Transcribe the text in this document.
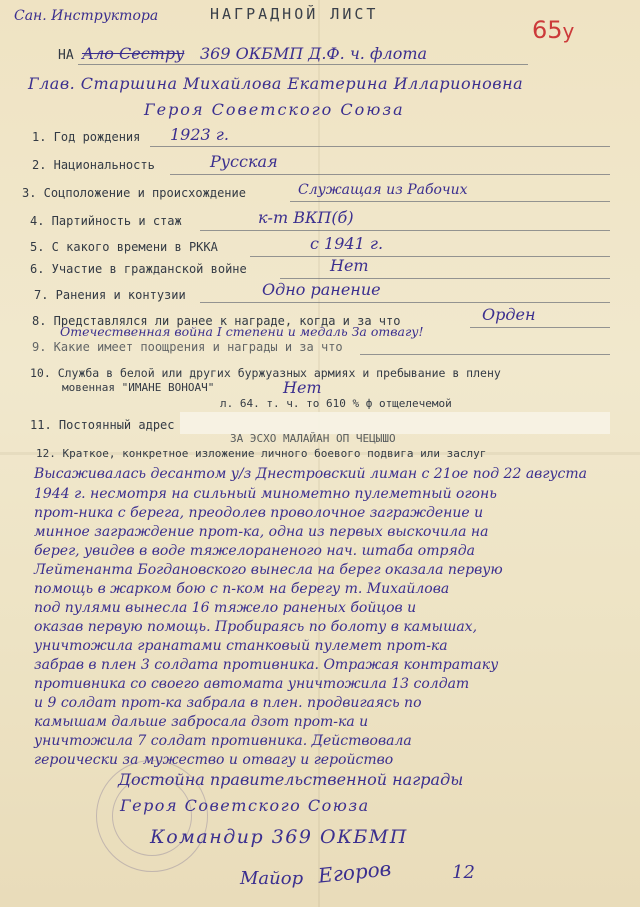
65у
Сан. Инструктора	НАГРАДНОЙ ЛИСТ
НА Ало Сестру 369 ОКБМП Д.Ф. ч. флота
Глав. Старшина Михайлова Екатерина Илларионовна
Героя Советского Союза
1. Год рождения 1923 г.
2. Национальность	Русская
3. Соцположение и происхождение	Служащая из Рабочих
4. Партийность и стаж	к-т ВКП(б)
5. С какого времени в РККА	с 1941 г.
6. Участие в гражданской войне	Нет
7. Ранения и контузии	Одно ранение
8. Представлялся ли ранее к награде, когда и за что	Орден
9. Какие имеет поощрения и награды и за что
Отечественная война I степени и медаль За отвагу!
10. Служба в белой или других буржуазных армиях и пребывание в плену
мовенная "ИМАНЕ ВОНОАЧ"	Нет
л. 64. т. ч. то 610 % ф отщелечемой
11. Постоянный адрес
ЗА ЭСХО МАЛАЙАН ОП ЧЕЦЫШО
12. Краткое, конкретное изложение личного боевого подвига или заслуг
Высаживалась десантом у/з Днестровский лиман с 21ое под 22 августа
1944 г. несмотря на сильный минометно пулеметный огонь
прот-ника с берега, преодолев проволочное заграждение и
минное заграждение прот-ка, одна из первых выскочила на
берег, увидев в воде тяжелораненого нач. штаба отряда
Лейтенанта Богдановского вынесла на берег оказала первую
помощь в жарком бою с п-ком на берегу т. Михайлова
под пулями вынесла 16 тяжело раненых бойцов и
оказав первую помощь. Пробираясь по болоту в камышах,
уничтожила гранатами станковый пулемет прот-ка
забрав в плен 3 солдата противника. Отражая контратаку
противника со своего автомата уничтожила 13 солдат
и 9 солдат прот-ка забрала в плен. продвигаясь по
камышам дальше забросала дзот прот-ка и
уничтожила 7 солдат противника. Действовала
героически за мужество и отвагу и геройство
Достойна правительственной награды
Героя Советского Союза
Командир 369 ОКБМП
Майор Егоров	12
